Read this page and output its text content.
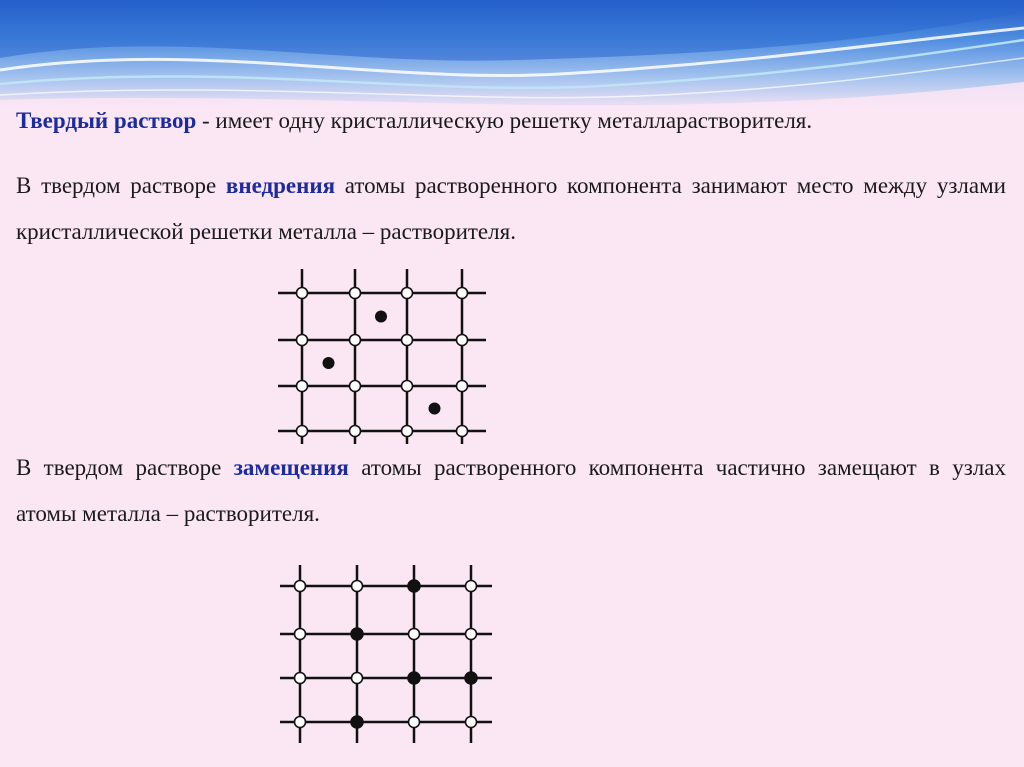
Твердый раствор - имеет одну кристаллическую решетку металларастворителя.

В твердом растворе внедрения атомы растворенного компонента занимают место между узлами кристаллической решетки металла – растворителя.

В твердом растворе замещения атомы растворенного компонента частично замещают в узлах атомы металла – растворителя.
